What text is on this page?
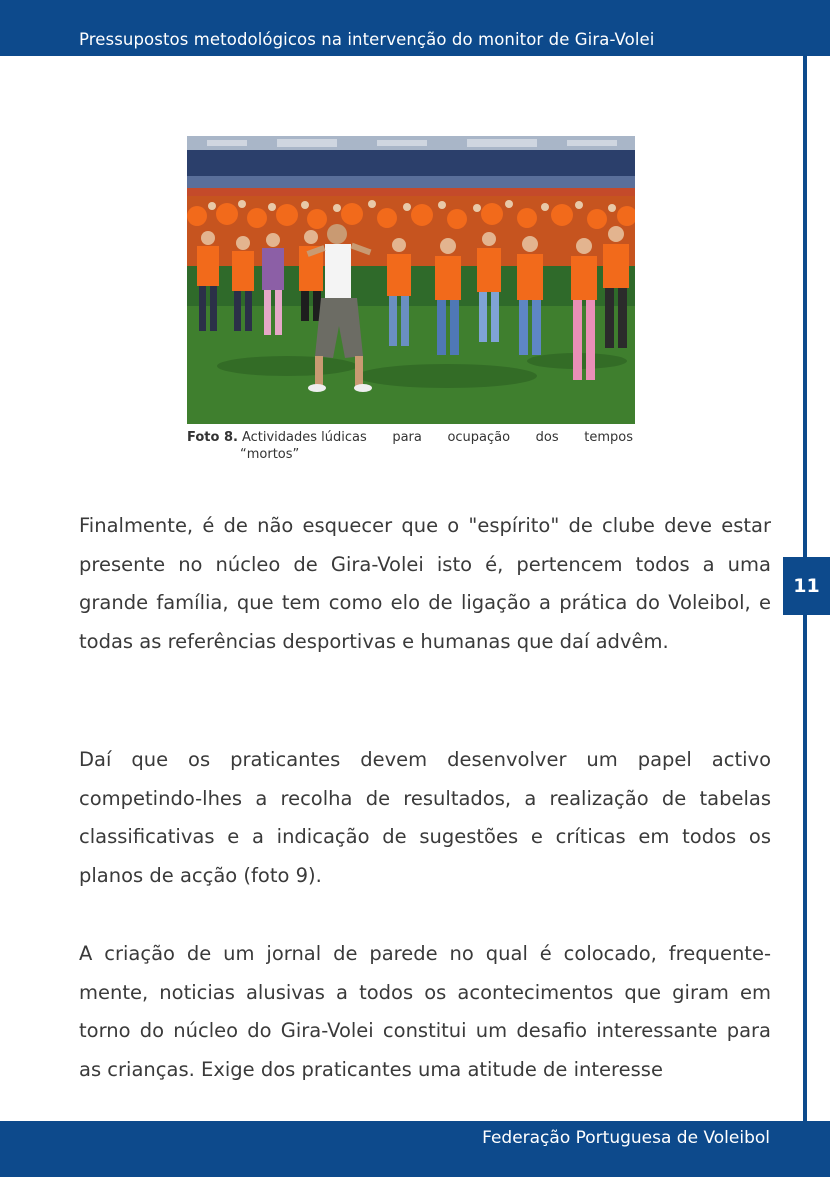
Pressupostos metodológicos na intervenção do monitor de Gira-Volei
11
Foto 8. Actividades lúdicas para ocupação dos tempos
“mortos”

Finalmente, é de não esquecer que o "espírito" de clube deve estar presente no núcleo de Gira-Volei isto é, pertencem todos a uma grande família, que tem como elo de ligação a prática do Voleibol, e todas as referências desportivas e humanas que daí advêm.

Daí que os praticantes devem desenvolver um papel activo competindo-lhes a recolha de resultados, a realização de tabelas classificativas e a indicação de sugestões e críticas em todos os planos de acção (foto 9).

A criação de um jornal de parede no qual é colocado, frequente-mente, noticias alusivas a todos os acontecimentos que giram em torno do núcleo do Gira-Volei constitui um desafio interessante para as crianças. Exige dos praticantes uma atitude de interesse

Federação Portuguesa de Voleibol
